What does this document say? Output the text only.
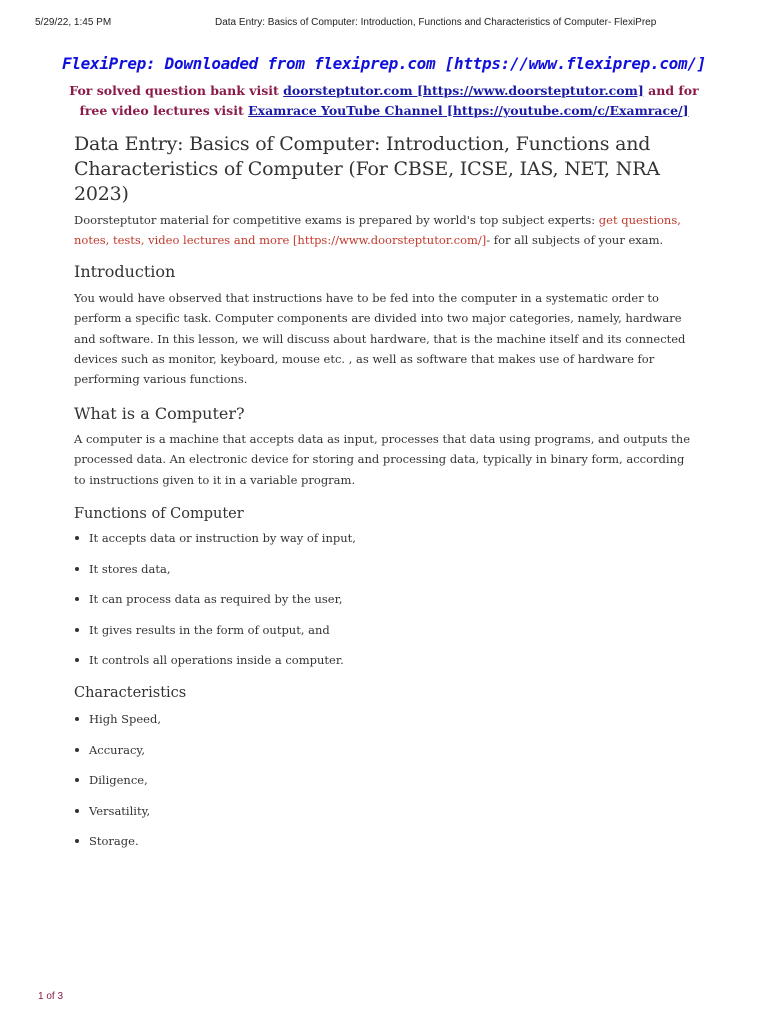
5/29/22, 1:45 PM	Data Entry: Basics of Computer: Introduction, Functions and Characteristics of Computer- FlexiPrep
FlexiPrep: Downloaded from flexiprep.com [https://www.flexiprep.com/]
For solved question bank visit doorsteptutor.com [https://www.doorsteptutor.com] and for free video lectures visit Examrace YouTube Channel [https://youtube.com/c/Examrace/]
Data Entry: Basics of Computer: Introduction, Functions and Characteristics of Computer (For CBSE, ICSE, IAS, NET, NRA 2023)

Doorsteptutor material for competitive exams is prepared by world's top subject experts: get questions, notes, tests, video lectures and more [https://www.doorsteptutor.com/]- for all subjects of your exam.

Introduction

You would have observed that instructions have to be fed into the computer in a systematic order to perform a specific task. Computer components are divided into two major categories, namely, hardware and software. In this lesson, we will discuss about hardware, that is the machine itself and its connected devices such as monitor, keyboard, mouse etc. , as well as software that makes use of hardware for performing various functions.

What is a Computer?

A computer is a machine that accepts data as input, processes that data using programs, and outputs the processed data. An electronic device for storing and processing data, typically in binary form, according to instructions given to it in a variable program.

Functions of Computer
It accepts data or instruction by way of input,
It stores data,
It can process data as required by the user,
It gives results in the form of output, and
It controls all operations inside a computer.
Characteristics
High Speed,
Accuracy,
Diligence,
Versatility,
Storage.
1 of 3
